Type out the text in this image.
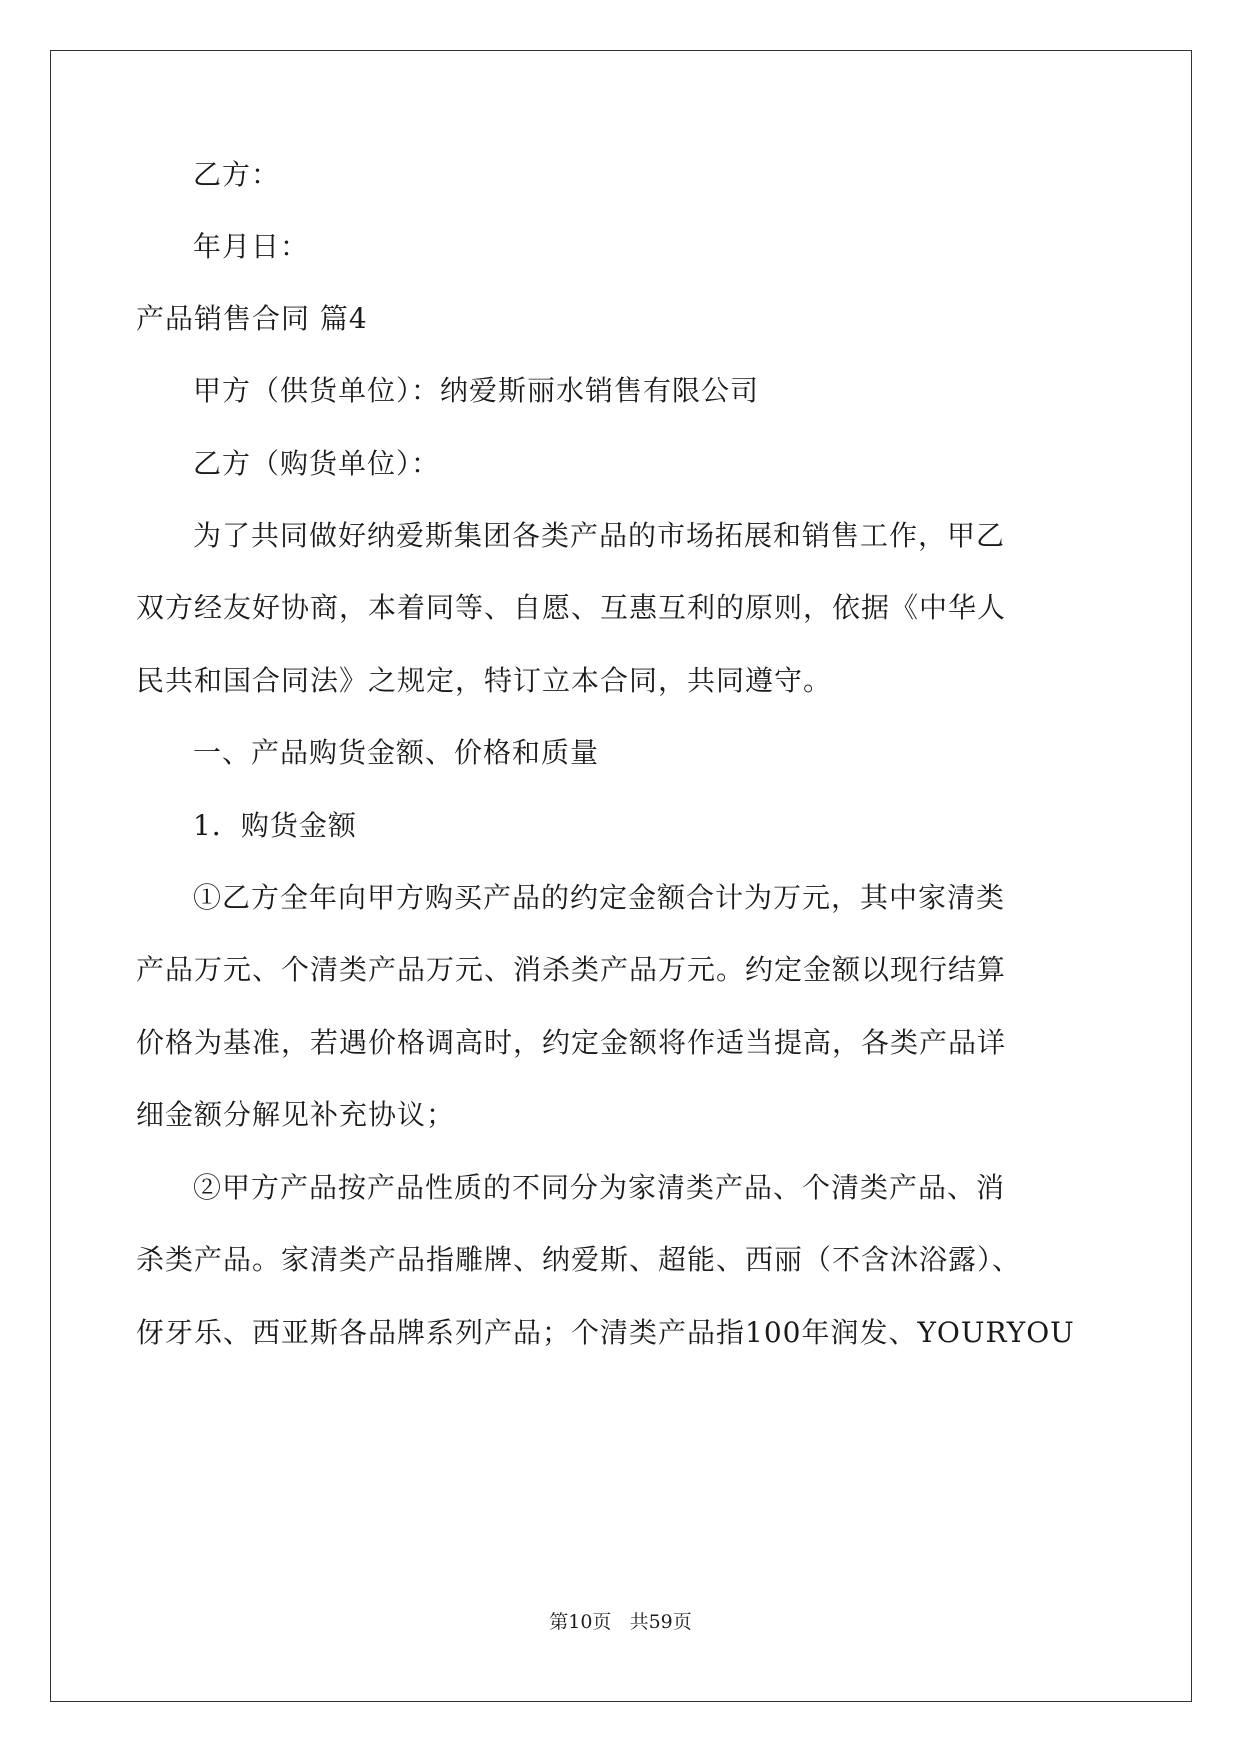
乙方：
年月日：
产品销售合同 篇4
甲方（供货单位）：纳爱斯丽水销售有限公司
乙方（购货单位）：
为了共同做好纳爱斯集团各类产品的市场拓展和销售工作，甲乙
双方经友好协商，本着同等、自愿、互惠互利的原则，依据《中华人
民共和国合同法》之规定，特订立本合同，共同遵守。
一、产品购货金额、价格和质量
1．购货金额
①乙方全年向甲方购买产品的约定金额合计为万元，其中家清类
产品万元、个清类产品万元、消杀类产品万元。约定金额以现行结算
价格为基准，若遇价格调高时，约定金额将作适当提高，各类产品详
细金额分解见补充协议；
②甲方产品按产品性质的不同分为家清类产品、个清类产品、消
杀类产品。家清类产品指雕牌、纳爱斯、超能、西丽（不含沐浴露）、
伢牙乐、西亚斯各品牌系列产品；个清类产品指100年润发、YOURYOU
第10页 共59页
